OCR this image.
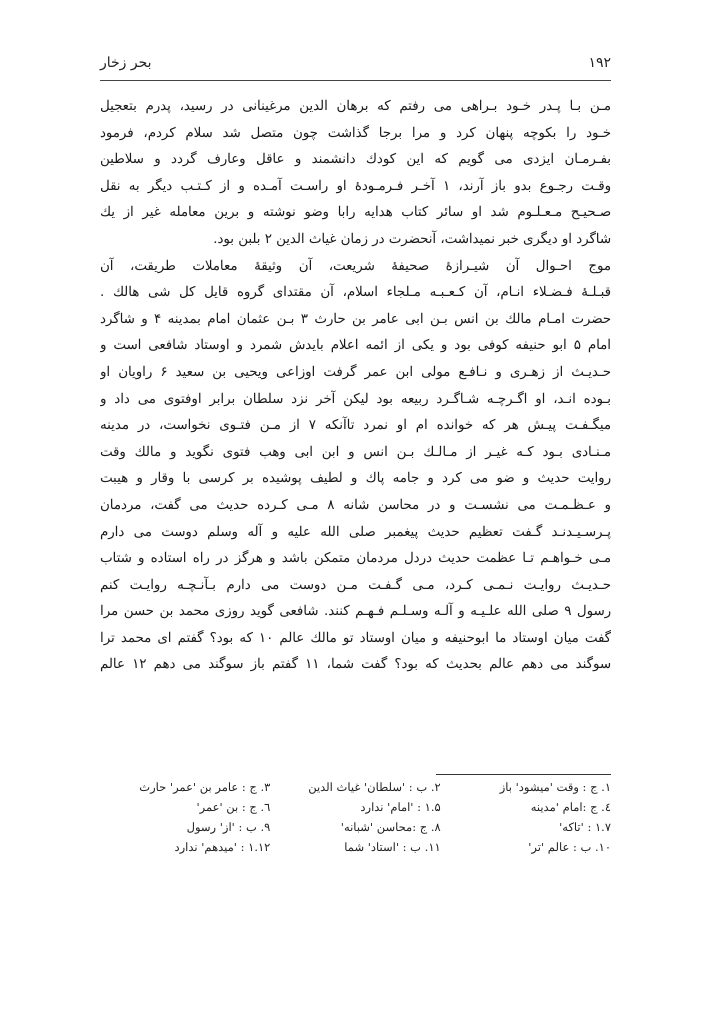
۱۹۲
بحر زخار
مـن بـا پـدر خـود بـراهی می رفتم که برهان الدین مرغینانی در رسید، پدرم بتعجیل
خـود را بکوچه پنهان کرد و مرا برجا گذاشت چون متصل شد سلام کردم، فرمود
بفـرمـان ایزدی می گویم که این کودك دانشمند و عاقل وعارف گردد و سلاطین
وقـت رجـوع بدو باز آرند، ۱ آخـر فـرمـودهٔ او راسـت آمـده و از کـتـب دیگر به نقل
صـحیـح مـعـلـوم شد او سائر کتاب هدایه رابا وضو نوشته و برین معامله غیر از یك
شاگرد او دیگری خبر نمیداشت، آنحضرت در زمان غیاث الدین ۲ بلبن بود.
موج احـوال آن شیـرازهٔ صحیفهٔ شریعت، آن وثیقهٔ معاملات طریقت، آن
قبـلـهٔ فـضـلاء انـام، آن کـعـبـه مـلجاء اسلام، آن مقتدای گروه قایل کل شی هالك .
حضرت امـام مالك بن انس بـن ابی عامر بن حارث ۳ بـن عثمان امام بمدینه ۴ و شاگرد
امام ۵ ابو حنیفه کوفی بود و یکی از ائمه اعلام بایدش شمرد و اوستاد شافعی است و
حـدیـث از زهـری و نـافـع مولی ابن عمر گرفت اوزاعی ویحیی بن سعید ۶ راویان او
بـوده انـد، او اگـرچـه شـاگـرد ربیعه بود لیکن آخر نزد سلطان برابر اوفتوی می داد و
میگـفـت پیـش هر که خوانده ام او نمرد تاآنکه ۷ از مـن فتـوی نخواست، در مدینه
مـنـادی بـود کـه غیـر از مـالـك بـن انس و ابن ابی وهب فتوی نگوید و مالك وقت
روایت حدیث و ضو می کرد و جامه پاك و لطیف پوشیده بر کرسی با وقار و هیبت
و عـظـمـت می نشسـت و در محاسن شانه ۸ مـی کـرده حدیث می گفت، مردمان
پـرسـیـدنـد گـفت تعظیم حدیث پیغمبر صلی الله علیه و آله وسلم دوست می دارم
مـی خـواهـم تـا عظمت حدیث دردل مردمان متمکن باشد و هرگز در راه استاده و شتاب
حـدیـث روایـت نـمـی کـرد، مـی گـفـت مـن دوست می دارم بـآنـچـه روایـت کنم
رسول ۹ صلی الله علـیـه و آلـه وسـلـم فـهـم کنند. شافعی گوید روزی محمد بن حسن مرا
گفت میان اوستاد ما ابوحنیفه و میان اوستاد تو مالك عالم ۱۰ که بود؟ گفتم ای محمد ترا
سوگند می دهم عالم بحدیث که بود؟ گفت شما، ۱۱ گفتم باز سوگند می دهم ۱۲ عالم
۱. ج : وقت 'میشود' باز
۲. ب : 'سلطان' غیاث الدین
۳. ج : عامر بن 'عمر' حارث
٤. ج :امام 'مدینه
۱.۵ : 'امام' ندارد
٦. ج : بن 'عمر'
۱.۷ : 'تاکه'
۸. ج :محاسن 'شبانه'
۹. ب : 'از' رسول
۱۰. ب : عالم 'تر'
۱۱. ب : 'استاد' شما
۱.۱۲ : 'میدهم' ندارد
